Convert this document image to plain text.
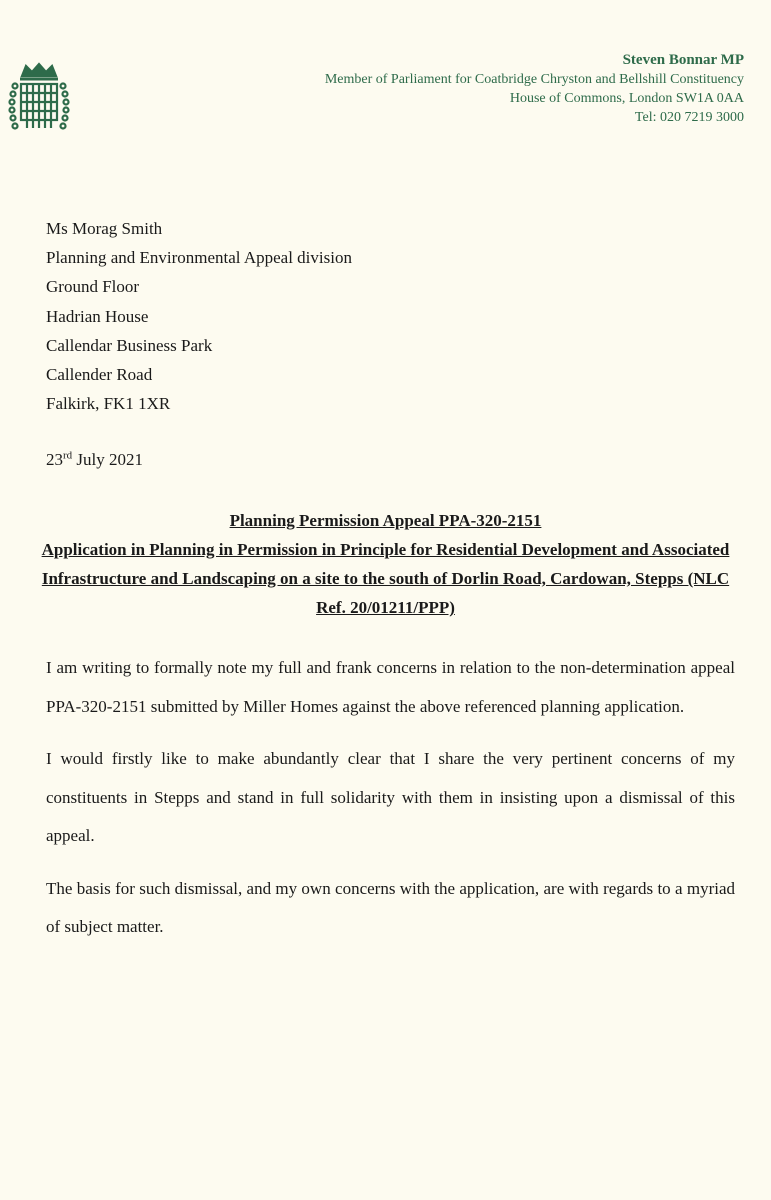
Steven Bonnar MP
Member of Parliament for Coatbridge Chryston and Bellshill Constituency
House of Commons, London SW1A 0AA
Tel: 020 7219 3000
Ms Morag Smith
Planning and Environmental Appeal division
Ground Floor
Hadrian House
Callendar Business Park
Callender Road
Falkirk, FK1 1XR
23rd July 2021
Planning Permission Appeal PPA-320-2151
Application in Planning in Permission in Principle for Residential Development and Associated Infrastructure and Landscaping on a site to the south of Dorlin Road, Cardowan, Stepps (NLC Ref. 20/01211/PPP)

I am writing to formally note my full and frank concerns in relation to the non-determination appeal PPA-320-2151 submitted by Miller Homes against the above referenced planning application.

I would firstly like to make abundantly clear that I share the very pertinent concerns of my constituents in Stepps and stand in full solidarity with them in insisting upon a dismissal of this appeal.

The basis for such dismissal, and my own concerns with the application, are with regards to a myriad of subject matter.
